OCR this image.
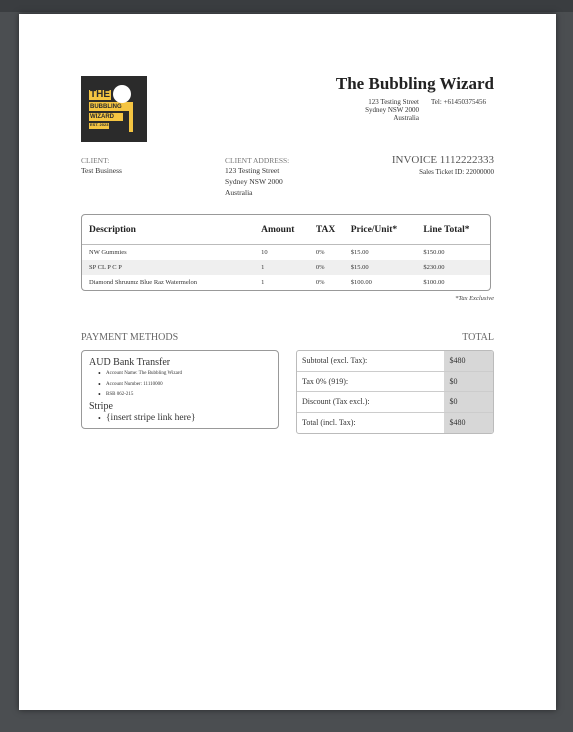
THE
BUBBLING
WIZARD
EST. 2023
The Bubbling Wizard
123 Testing Street
Sydney NSW 2000
Australia
Tel: +61450375456
CLIENT:
Test Business
CLIENT ADDRESS:
123 Testing Street
Sydney NSW 2000
Australia
INVOICE 1112222333
Sales Ticket ID: 22000000
Description	Amount	TAX	Price/Unit*	Line Total*
NW Gummies	10	0%	$15.00	$150.00
SP CL P C P	1	0%	$15.00	$230.00
Diamond Shruumz Blue Raz Watermelon	1	0%	$100.00	$100.00
*Tax Exclusive
PAYMENT METHODS	TOTAL
AUD Bank Transfer
• Account Name: The Bubbling Wizard
• Account Number: 11110000
• BSB 062-215
Stripe
• {insert stripe link here}
Subtotal (excl. Tax):	$480
Tax 0% (919):	$0
Discount (Tax excl.):	$0
Total (incl. Tax):	$480
